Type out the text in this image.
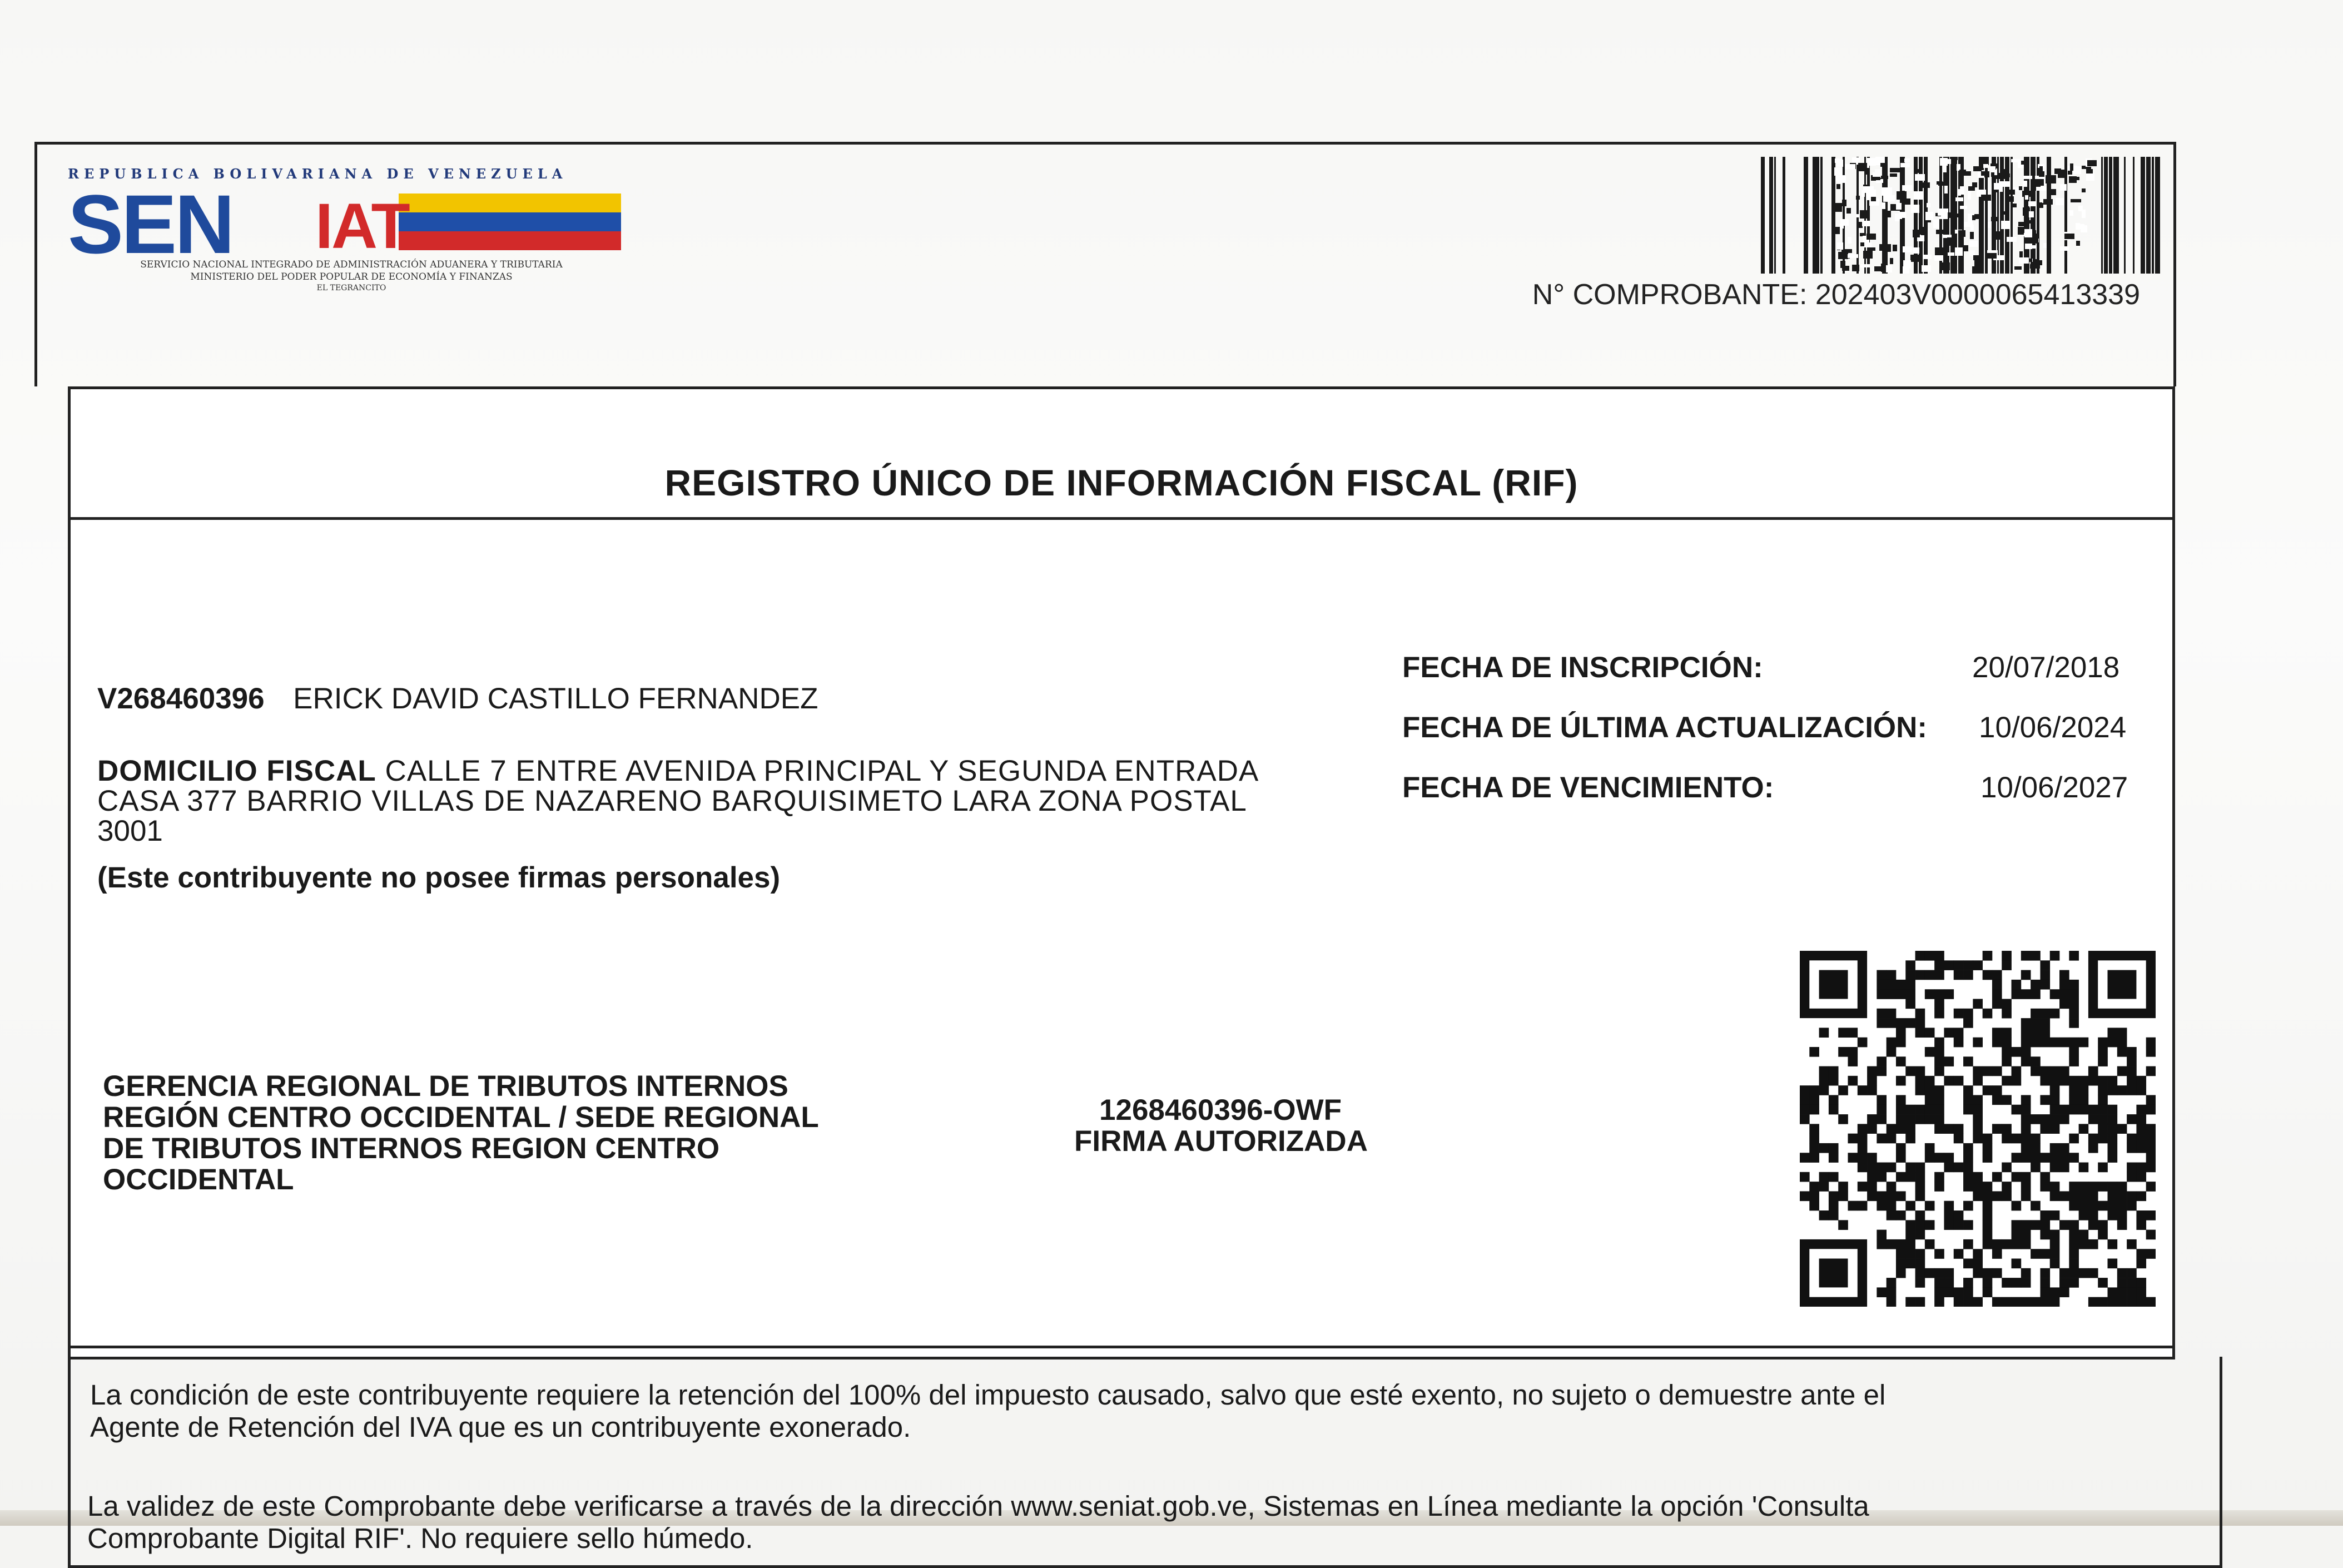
REPUBLICA BOLIVARIANA DE VENEZUELA
SEN IAT
SERVICIO NACIONAL INTEGRADO DE ADMINISTRACIÓN ADUANERA Y TRIBUTARIA
MINISTERIO DEL PODER POPULAR DE ECONOMÍA Y FINANZAS
EL TEGRANCITO	N° COMPROBANTE: 202403V0000065413339
REGISTRO ÚNICO DE INFORMACIÓN FISCAL (RIF)
V268460396 ERICK DAVID CASTILLO FERNANDEZ
DOMICILIO FISCAL CALLE 7 ENTRE AVENIDA PRINCIPAL Y SEGUNDA ENTRADA
CASA 377 BARRIO VILLAS DE NAZARENO BARQUISIMETO LARA ZONA POSTAL
3001
(Este contribuyente no posee firmas personales)
FECHA DE INSCRIPCIÓN:	20/07/2018
FECHA DE ÚLTIMA ACTUALIZACIÓN: 10/06/2024
FECHA DE VENCIMIENTO:	10/06/2027
GERENCIA REGIONAL DE TRIBUTOS INTERNOS
REGIÓN CENTRO OCCIDENTAL / SEDE REGIONAL
DE TRIBUTOS INTERNOS REGION CENTRO
OCCIDENTAL
1268460396-OWF
FIRMA AUTORIZADA
La condición de este contribuyente requiere la retención del 100% del impuesto causado, salvo que esté exento, no sujeto o demuestre ante el
Agente de Retención del IVA que es un contribuyente exonerado.
La validez de este Comprobante debe verificarse a través de la dirección www.seniat.gob.ve, Sistemas en Línea mediante la opción 'Consulta
Comprobante Digital RIF'. No requiere sello húmedo.
